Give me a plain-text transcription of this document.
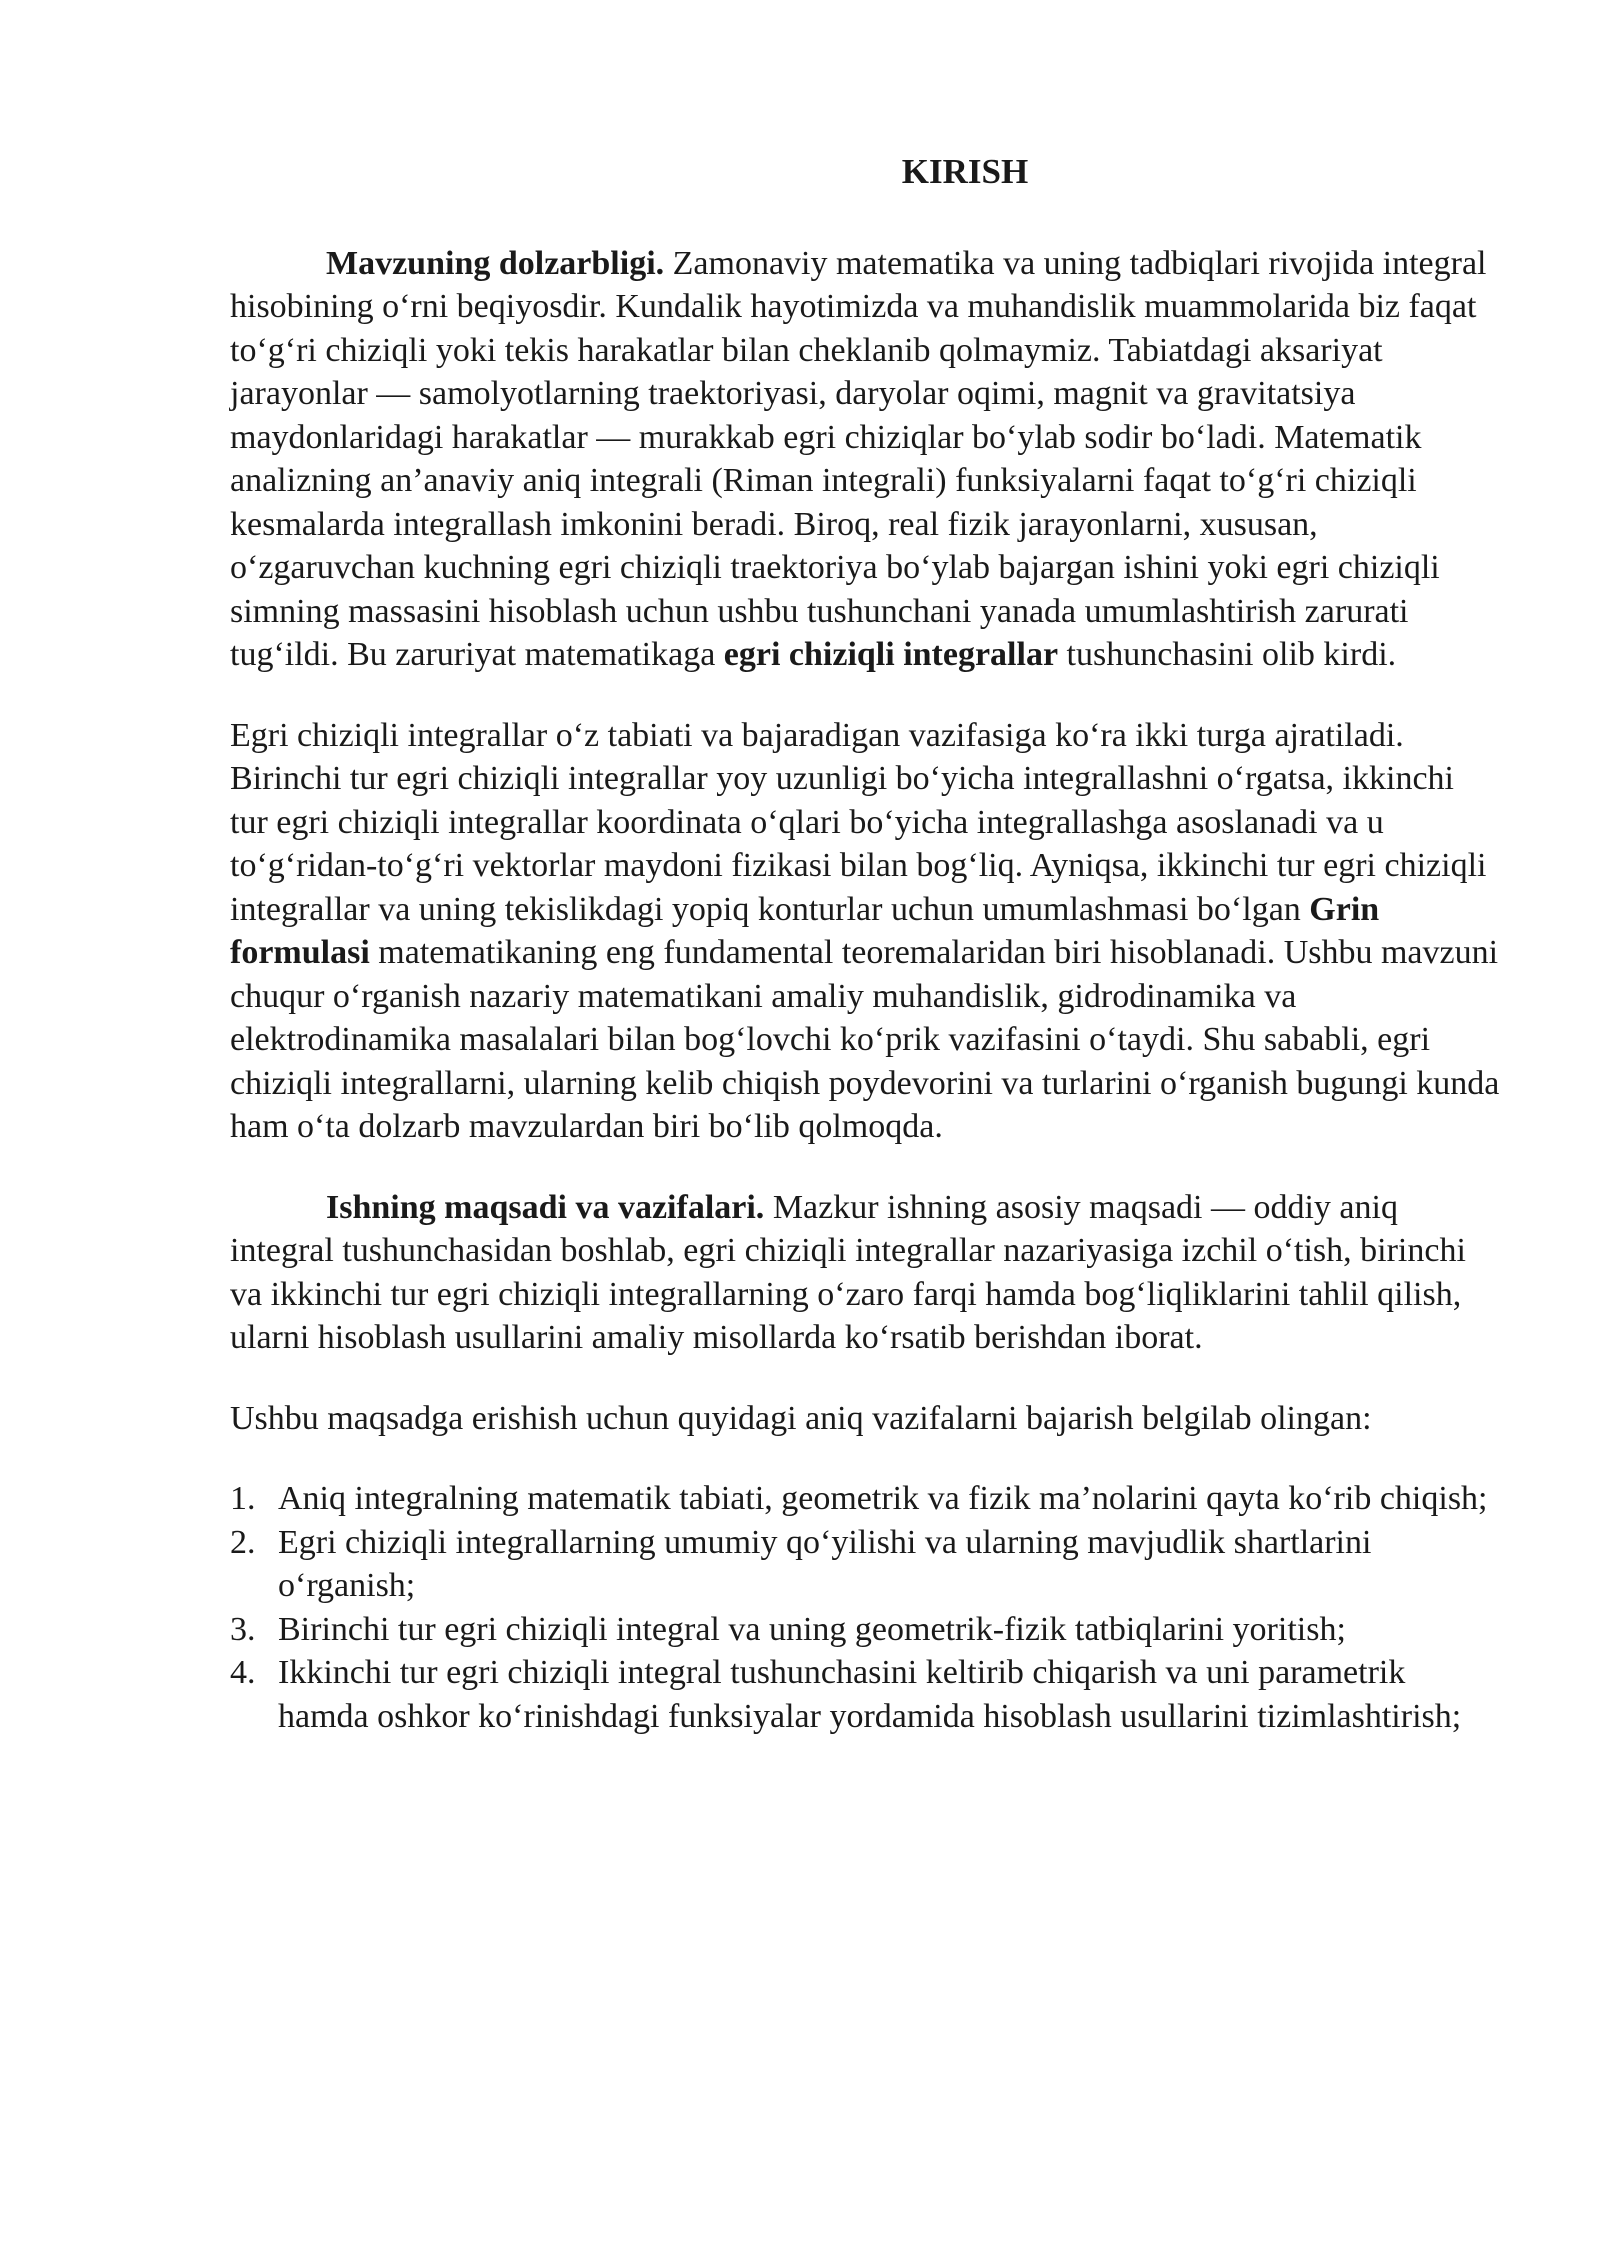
KIRISH

Mavzuning dolzarbligi. Zamonaviy matematika va uning tadbiqlari rivojida integral hisobining o‘rni beqiyosdir. Kundalik hayotimizda va muhandislik muammolarida biz faqat to‘g‘ri chiziqli yoki tekis harakatlar bilan cheklanib qolmaymiz. Tabiatdagi aksariyat jarayonlar — samolyotlarning traektoriyasi, daryolar oqimi, magnit va gravitatsiya maydonlaridagi harakatlar — murakkab egri chiziqlar bo‘ylab sodir bo‘ladi. Matematik analizning an’anaviy aniq integrali (Riman integrali) funksiyalarni faqat to‘g‘ri chiziqli kesmalarda integrallash imkonini beradi. Biroq, real fizik jarayonlarni, xususan, o‘zgaruvchan kuchning egri chiziqli traektoriya bo‘ylab bajargan ishini yoki egri chiziqli simning massasini hisoblash uchun ushbu tushunchani yanada umumlashtirish zarurati tug‘ildi. Bu zaruriyat matematikaga egri chiziqli integrallar tushunchasini olib kirdi.

Egri chiziqli integrallar o‘z tabiati va bajaradigan vazifasiga ko‘ra ikki turga ajratiladi. Birinchi tur egri chiziqli integrallar yoy uzunligi bo‘yicha integrallashni o‘rgatsa, ikkinchi tur egri chiziqli integrallar koordinata o‘qlari bo‘yicha integrallashga asoslanadi va u to‘g‘ridan-to‘g‘ri vektorlar maydoni fizikasi bilan bog‘liq. Ayniqsa, ikkinchi tur egri chiziqli integrallar va uning tekislikdagi yopiq konturlar uchun umumlashmasi bo‘lgan Grin formulasi matematikaning eng fundamental teoremalaridan biri hisoblanadi. Ushbu mavzuni chuqur o‘rganish nazariy matematikani amaliy muhandislik, gidrodinamika va elektrodinamika masalalari bilan bog‘lovchi ko‘prik vazifasini o‘taydi. Shu sababli, egri chiziqli integrallarni, ularning kelib chiqish poydevorini va turlarini o‘rganish bugungi kunda ham o‘ta dolzarb mavzulardan biri bo‘lib qolmoqda.

Ishning maqsadi va vazifalari. Mazkur ishning asosiy maqsadi — oddiy aniq integral tushunchasidan boshlab, egri chiziqli integrallar nazariyasiga izchil o‘tish, birinchi va ikkinchi tur egri chiziqli integrallarning o‘zaro farqi hamda bog‘liqliklarini tahlil qilish, ularni hisoblash usullarini amaliy misollarda ko‘rsatib berishdan iborat.

Ushbu maqsadga erishish uchun quyidagi aniq vazifalarni bajarish belgilab olingan:

1. Aniq integralning matematik tabiati, geometrik va fizik ma’nolarini qayta ko‘rib chiqish;
2. Egri chiziqli integrallarning umumiy qo‘yilishi va ularning mavjudlik shartlarini o‘rganish;
3. Birinchi tur egri chiziqli integral va uning geometrik-fizik tatbiqlarini yoritish;
4. Ikkinchi tur egri chiziqli integral tushunchasini keltirib chiqarish va uni parametrik hamda oshkor ko‘rinishdagi funksiyalar yordamida hisoblash usullarini tizimlashtirish;
